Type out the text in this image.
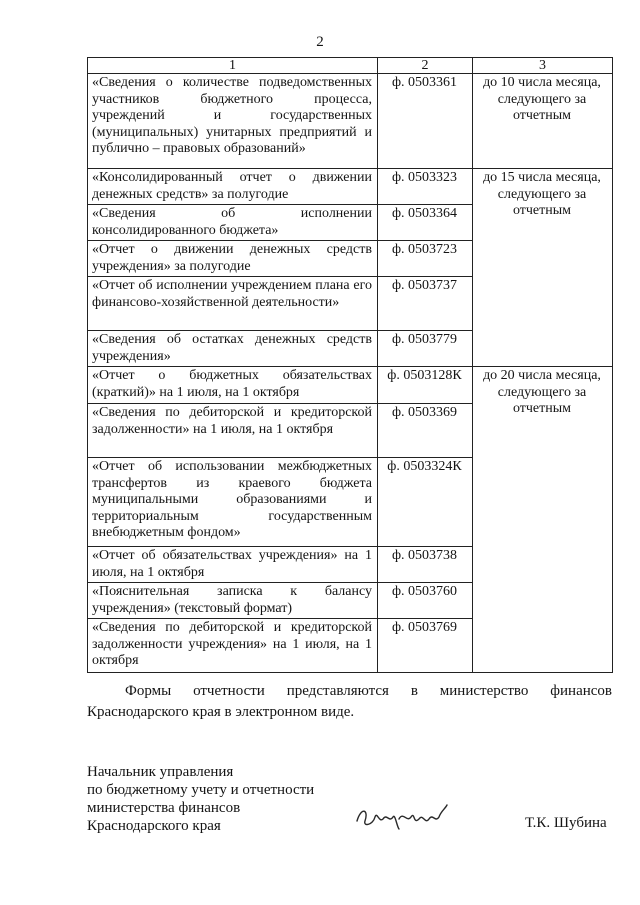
2
1	2	3
«Сведения о количестве подведомственных участников бюджетного процесса, учреждений и государственных (муниципальных) унитарных предприятий и публично – правовых образований»	ф. 0503361	до 10 числа месяца, следующего за отчетным
«Консолидированный отчет о движении денежных средств» за полугодие	ф. 0503323	до 15 числа месяца, следующего за отчетным
«Сведения об исполнении консолидированного бюджета»	ф. 0503364	
«Отчет о движении денежных средств учреждения» за полугодие	ф. 0503723	
«Отчет об исполнении учреждением плана его финансово-хозяйственной деятельности»	ф. 0503737	
«Сведения об остатках денежных средств учреждения»	ф. 0503779	
«Отчет о бюджетных обязательствах (краткий)» на 1 июля, на 1 октября	ф. 0503128К	до 20 числа месяца, следующего за отчетным
«Сведения по дебиторской и кредиторской задолженности» на 1 июля, на 1 октября	ф. 0503369	
«Отчет об использовании межбюджетных трансфертов из краевого бюджета муниципальными образованиями и территориальным государственным внебюджетным фондом»	ф. 0503324К	
«Отчет об обязательствах учреждения» на 1 июля, на 1 октября	ф. 0503738	
«Пояснительная записка к балансу учреждения» (текстовый формат)	ф. 0503760	
«Сведения по дебиторской и кредиторской задолженности учреждения» на 1 июля, на 1 октября	ф. 0503769	

Формы отчетности представляются в министерство финансов Краснодарского края в электронном виде.

Начальник управления
по бюджетному учету и отчетности
министерства финансов
Краснодарского края	Т.К. Шубина
